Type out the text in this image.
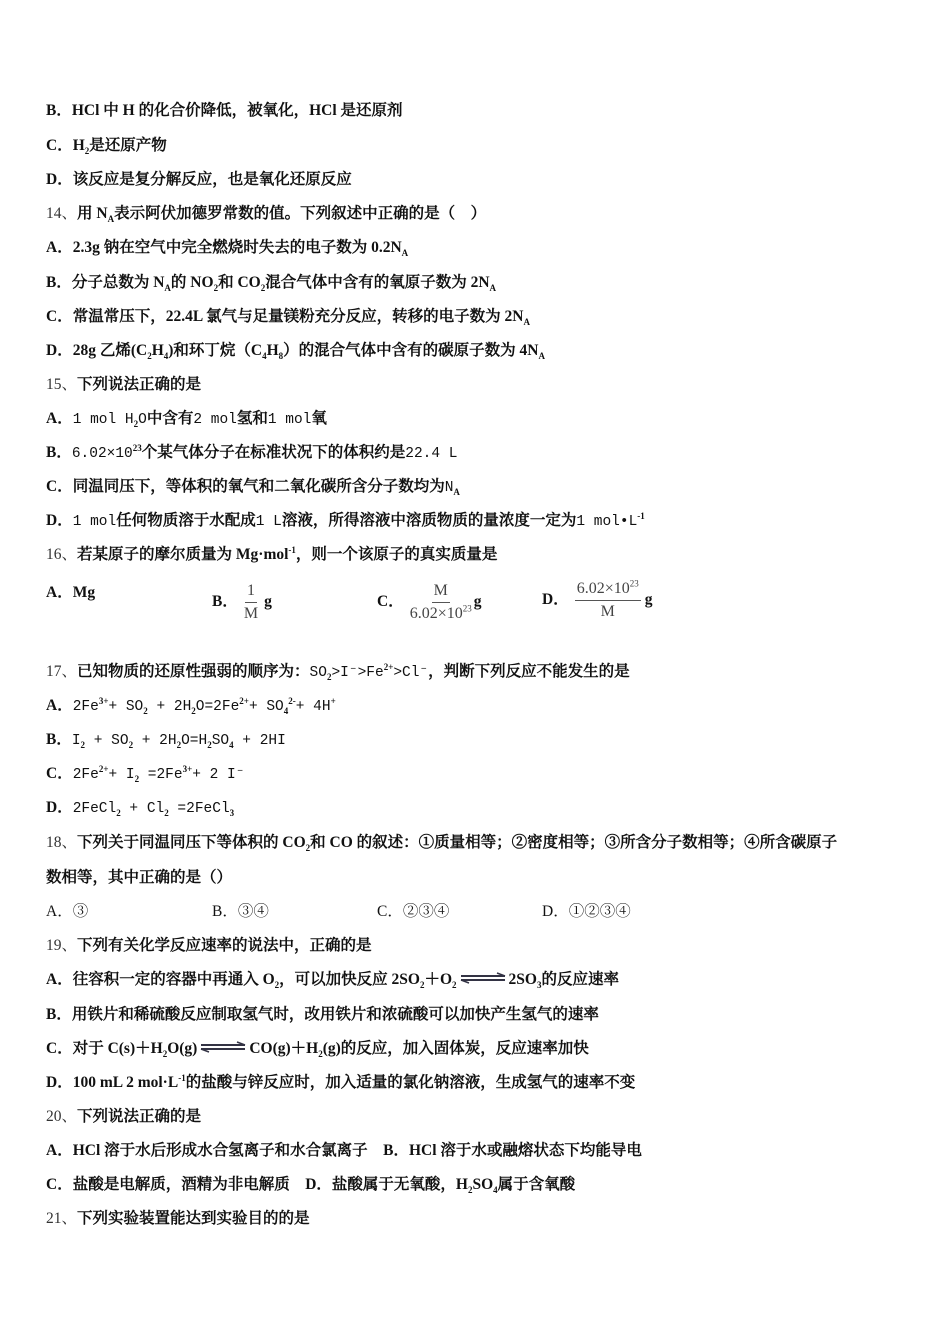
B．HCl 中 H 的化合价降低，被氧化，HCl 是还原剂
C．$H_2$是还原产物
D．该反应是复分解反应，也是氧化还原反应
14、用 $N_A$表示阿伏加德罗常数的值。下列叙述中正确的是（　）
A．2.3g 钠在空气中完全燃烧时失去的电子数为 $0.2N_A$
B．分子总数为 $N_A$的 $NO_2$和 $CO_2$混合气体中含有的氧原子数为 $2N_A$
C．常温常压下，22.4L 氯气与足量镁粉充分反应，转移的电子数为 $2N_A$
D．28g 乙烯$(C_2H_4)$和环丁烷$(C_4H_8)$的混合气体中含有的碳原子数为 $4N_A$
15、下列说法正确的是
A．1 mol $H_2O$中含有2 mol氢和1 mol氧
B．$6.02\times 10^{23}$个某气体分子在标准状况下的体积约是22.4 L
C．同温同压下，等体积的氧气和二氧化碳所含分子数均为$N_A$
D．1 mol任何物质溶于水配成1 L溶液，所得溶液中溶质物质的量浓度一定为1 $mol•L^{-1}$
16、若某原子的摩尔质量为 Mg·mol$^{-1}$，则一个该原子的真实质量是
17、已知物质的还原性强弱的顺序为：$SO_2>I^->Fe^{2+}>Cl^-$，判断下列反应不能发生的是
A．$2Fe^{3+}+ SO_2 + 2H_2O=2Fe^{2+}+ SO_4^{2-}+ 4H^+$
B．$I_2 + SO_2 + 2H_2O=H_2SO_4 + 2HI$
C．$2Fe^{2+}+ I_2 =2Fe^{3+}+ 2$ I⁻
D．2FeCl$_2$ + $Cl_2$ =2FeCl$_3$
18、下列关于同温同压下等体积的 $CO_2$和 CO 的叙述：①质量相等；②密度相等；③所含分子数相等；④所含碳原子
数相等，其中正确的是（）
A．③	B．③④	C．②③④	D．①②③④
19、下列有关化学反应速率的说法中，正确的是
A．往容积一定的容器中再通入 $O_2$，可以加快反应 $2SO_2+O_2$ ⇌ $2SO_3$的反应速率
B．用铁片和稀硫酸反应制取氢气时，改用铁片和浓硫酸可以加快产生氢气的速率
C．对于 $C(s)+H_2O(g)$ ⇌ $CO(g)+H_2(g)$的反应，加入固体炭，反应速率加快
D．100 mL 2 $mol\cdot L^{-1}$的盐酸与锌反应时，加入适量的氯化钠溶液，生成氢气的速率不变
20、下列说法正确的是
A．HCl 溶于水后形成水合氢离子和水合氯离子　B．HCl 溶于水或融熔状态下均能导电
C．盐酸是电解质，酒精为非电解质　D．盐酸属于无氧酸，$H_2SO_4$属于含氧酸
21、下列实验装置能达到实验目的的是
A．Mg
B． $\frac{1}{M}$ g	C． $\frac{M}{6.02\times 10^{23}}$ g	D． $\frac{6.02\times 10^{23}}{M}$ g
